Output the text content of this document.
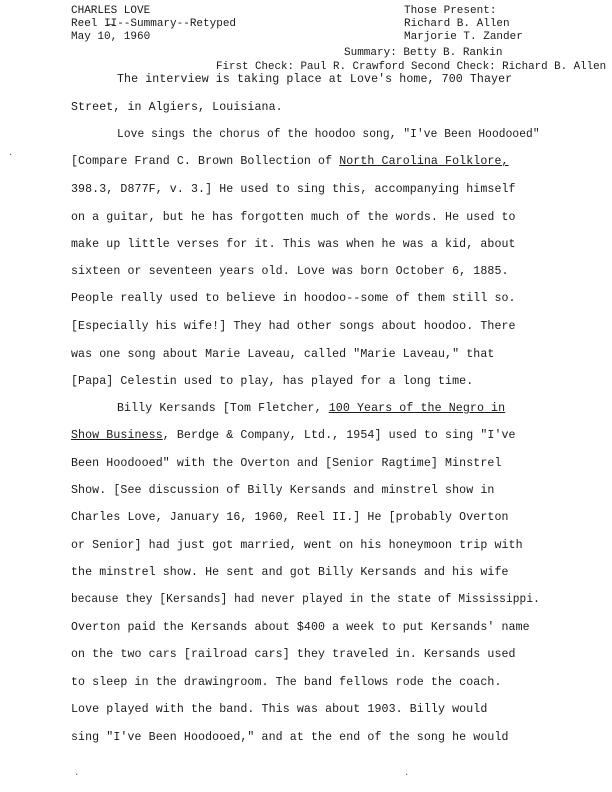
CHARLES LOVE
Reel I̶I--Summary--Retyped
May 10, 1960
Those Present:
Richard B. Allen
Marjorie T. Zander
Summary: Betty B. Rankin
First Check: Paul R. Crawford Second Check: Richard B. Allen
The interview is taking place at Love's home, 700 Thayer
Street, in Algiers, Louisiana.
Love sings the chorus of the hoodoo song, "I've Been Hoodooed"
[Compare Frand C. Brown Bollection of North Carolina Folklore,
398.3, D877F, v. 3.] He used to sing this, accompanying himself
on a guitar, but he has forgotten much of the words. He used to
make up little verses for it. This was when he was a kid, about
sixteen or seventeen years old. Love was born October 6, 1885.
People really used to believe in hoodoo--some of them still so.
[Especially his wife!] They had other songs about hoodoo. There
was one song about Marie Laveau, called "Marie Laveau," that
[Papa] Celestin used to play, has played for a long time.
Billy Kersands [Tom Fletcher, 100 Years of the Negro in
Show Business, Berdge & Company, Ltd., 1954] used to sing "I've
Been Hoodooed" with the Overton and [Senior Ragtime] Minstrel
Show. [See discussion of Billy Kersands and minstrel show in
Charles Love, January 16, 1960, Reel II.] He [probably Overton
or Senior] had just got married, went on his honeymoon trip with
the minstrel show. He sent and got Billy Kersands and his wife
because they [Kersands] had never played in the state of Mississippi.
Overton paid the Kersands about $400 a week to put Kersands' name
on the two cars [railroad cars] they traveled in. Kersands used
to sleep in the drawingroom. The band fellows rode the coach.
Love played with the band. This was about 1903. Billy would
sing "I've Been Hoodooed," and at the end of the song he would
·
·	·
